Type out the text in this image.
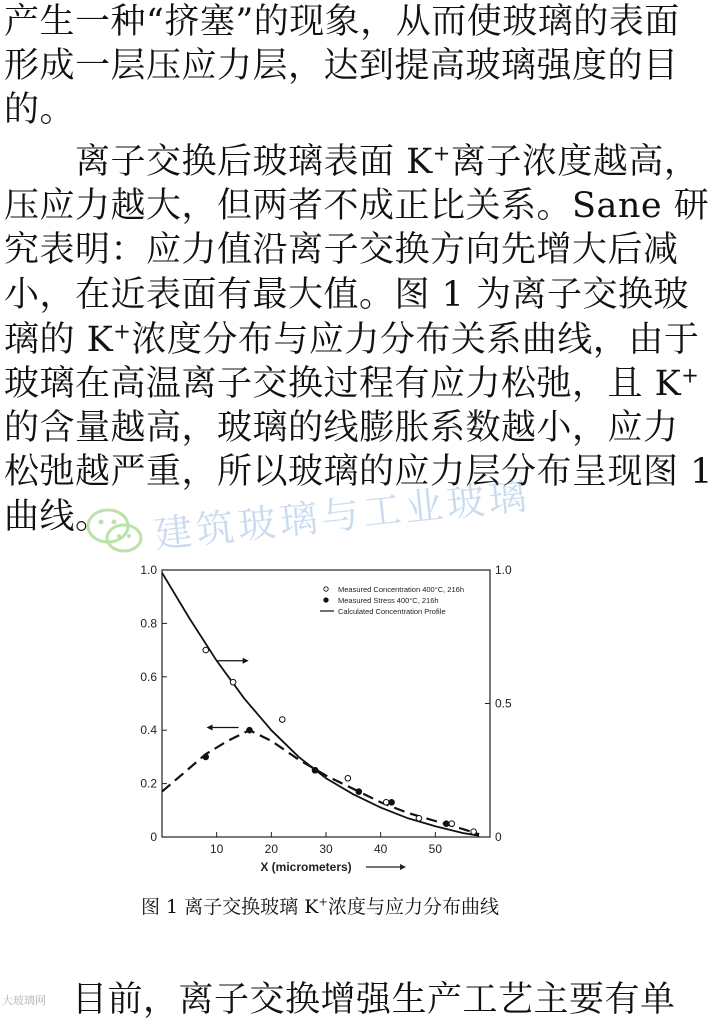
产生一种“挤塞”的现象，从而使玻璃的表面
形成一层压应力层，达到提高玻璃强度的目
的。
　　离子交换后玻璃表面 K+离子浓度越高，
压应力越大，但两者不成正比关系。Sane 研
究表明：应力值沿离子交换方向先增大后减
小，在近表面有最大值。图 1 为离子交换玻
璃的 K+浓度分布与应力分布关系曲线，由于
玻璃在高温离子交换过程有应力松弛，且 K+
的含量越高，玻璃的线膨胀系数越小，应力
松弛越严重，所以玻璃的应力层分布呈现图 1
曲线。
目前，离子交换增强生产工艺主要有单
建筑玻璃与工业玻璃
10	20	30	40	50
0
0.2
0.4
0.6
0.8
1.0
0
0.5
1.0
X (micrometers)
Measured Concentration 400°C, 216h
Measured Stress 400°C, 216h
Calculated Concentration Profile
图 1 离子交换玻璃 K+浓度与应力分布曲线
大玻璃网
